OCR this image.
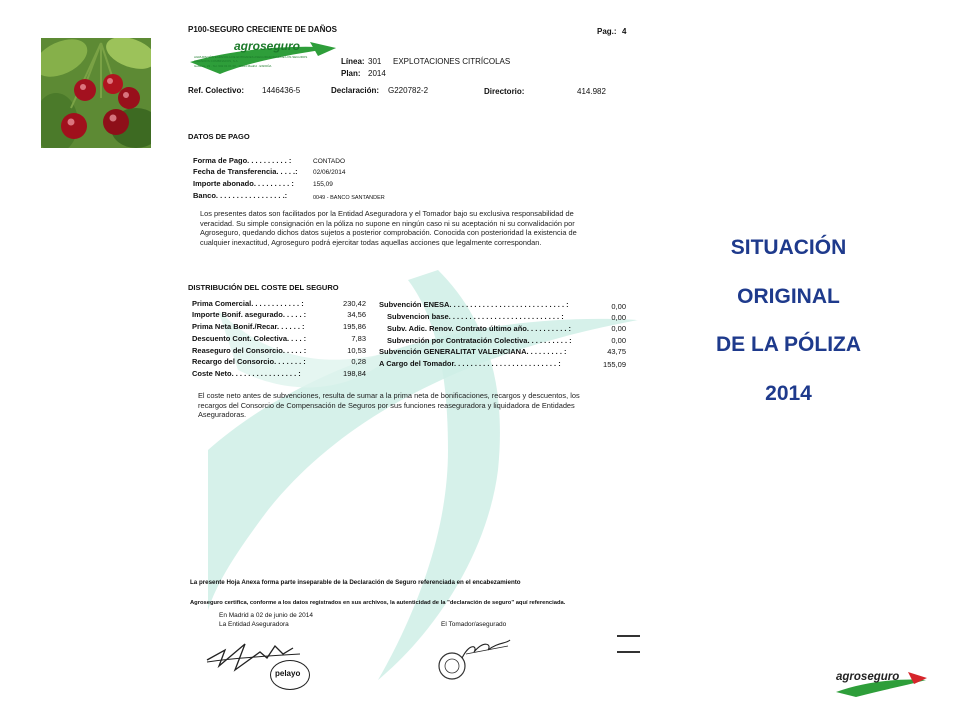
P100-SEGURO CRECIENTE DE DAÑOS	Pag.: 4
agroseguro
AGRUPACIÓN ESPAÑOLA DE ENTIDADES ASEGURADORAS DE LOS SEGUROS AGRARIOS COMBINADOS, S.A.
Gobelas, 23 · Tel. 902 01 01 00 · 28023 Madrid · ESPAÑA	Línea: 301 EXPLOTACIONES CITRÍCOLAS
Plan: 2014
Ref. Colectivo: 1446436-5	Declaración: G220782-2	Directorio:	414.982
DATOS DE PAGO
Forma de Pago. . . . . . . . . . :	CONTADO
Fecha de Transferencia. . . . .: 02/06/2014
Importe abonado. . . . . . . . . :	155,09
Banco. . . . . . . . . . . . . . . . .:	0049 - BANCO SANTANDER
Los presentes datos son facilitados por la Entidad Aseguradora y el Tomador bajo su exclusiva responsabilidad de veracidad. Su simple consignación en la póliza no supone en ningún caso ni su aceptación ni su convalidación por Agroseguro, quedando dichos datos sujetos a posterior comprobación. Conocida con posterioridad la existencia de cualquier inexactitud, Agroseguro podrá ejercitar todas aquellas acciones que legalmente correspondan.
DISTRIBUCIÓN DEL COSTE DEL SEGURO
Prima Comercial. . . . . . . . . . . . :	230,42
Importe Bonif. asegurado. . . . . :	34,56
Prima Neta Bonif./Recar. . . . . . :	195,86
Descuento Cont. Colectiva. . . . :	7,83
Reaseguro del Consorcio. . . . . :	10,53
Recargo del Consorcio. . . . . . . :	0,28
Coste Neto. . . . . . . . . . . . . . . . :	198,84
Subvención ENESA. . . . . . . . . . . . . . . . . . . . . . . . . . . . :	0,00
Subvencion base. . . . . . . . . . . . . . . . . . . . . . . . . . . :	0,00
Subv. Adic. Renov. Contrato último año. . . . . . . . . . :	0,00
Subvención por Contratación Colectiva. . . . . . . . . . :	0,00
Subvención GENERALITAT VALENCIANA. . . . . . . . . :	43,75
A Cargo del Tomador. . . . . . . . . . . . . . . . . . . . . . . . . :	155,09
El coste neto antes de subvenciones, resulta de sumar a la prima neta de bonificaciones, recargos y descuentos, los recargos del Consorcio de Compensación de Seguros por sus funciones reaseguradora y liquidadora de Entidades Aseguradoras.
La presente Hoja Anexa forma parte inseparable de la Declaración de Seguro referenciada en el encabezamiento
Agroseguro certifica, conforme a los datos registrados en sus archivos, la autenticidad de la "declaración de seguro" aquí referenciada.
En Madrid a 02 de junio de 2014
La Entidad Aseguradora	El Tomador/asegurado
pelayo
SITUACIÓN
ORIGINAL
DE LA PÓLIZA
2014
agroseguro
